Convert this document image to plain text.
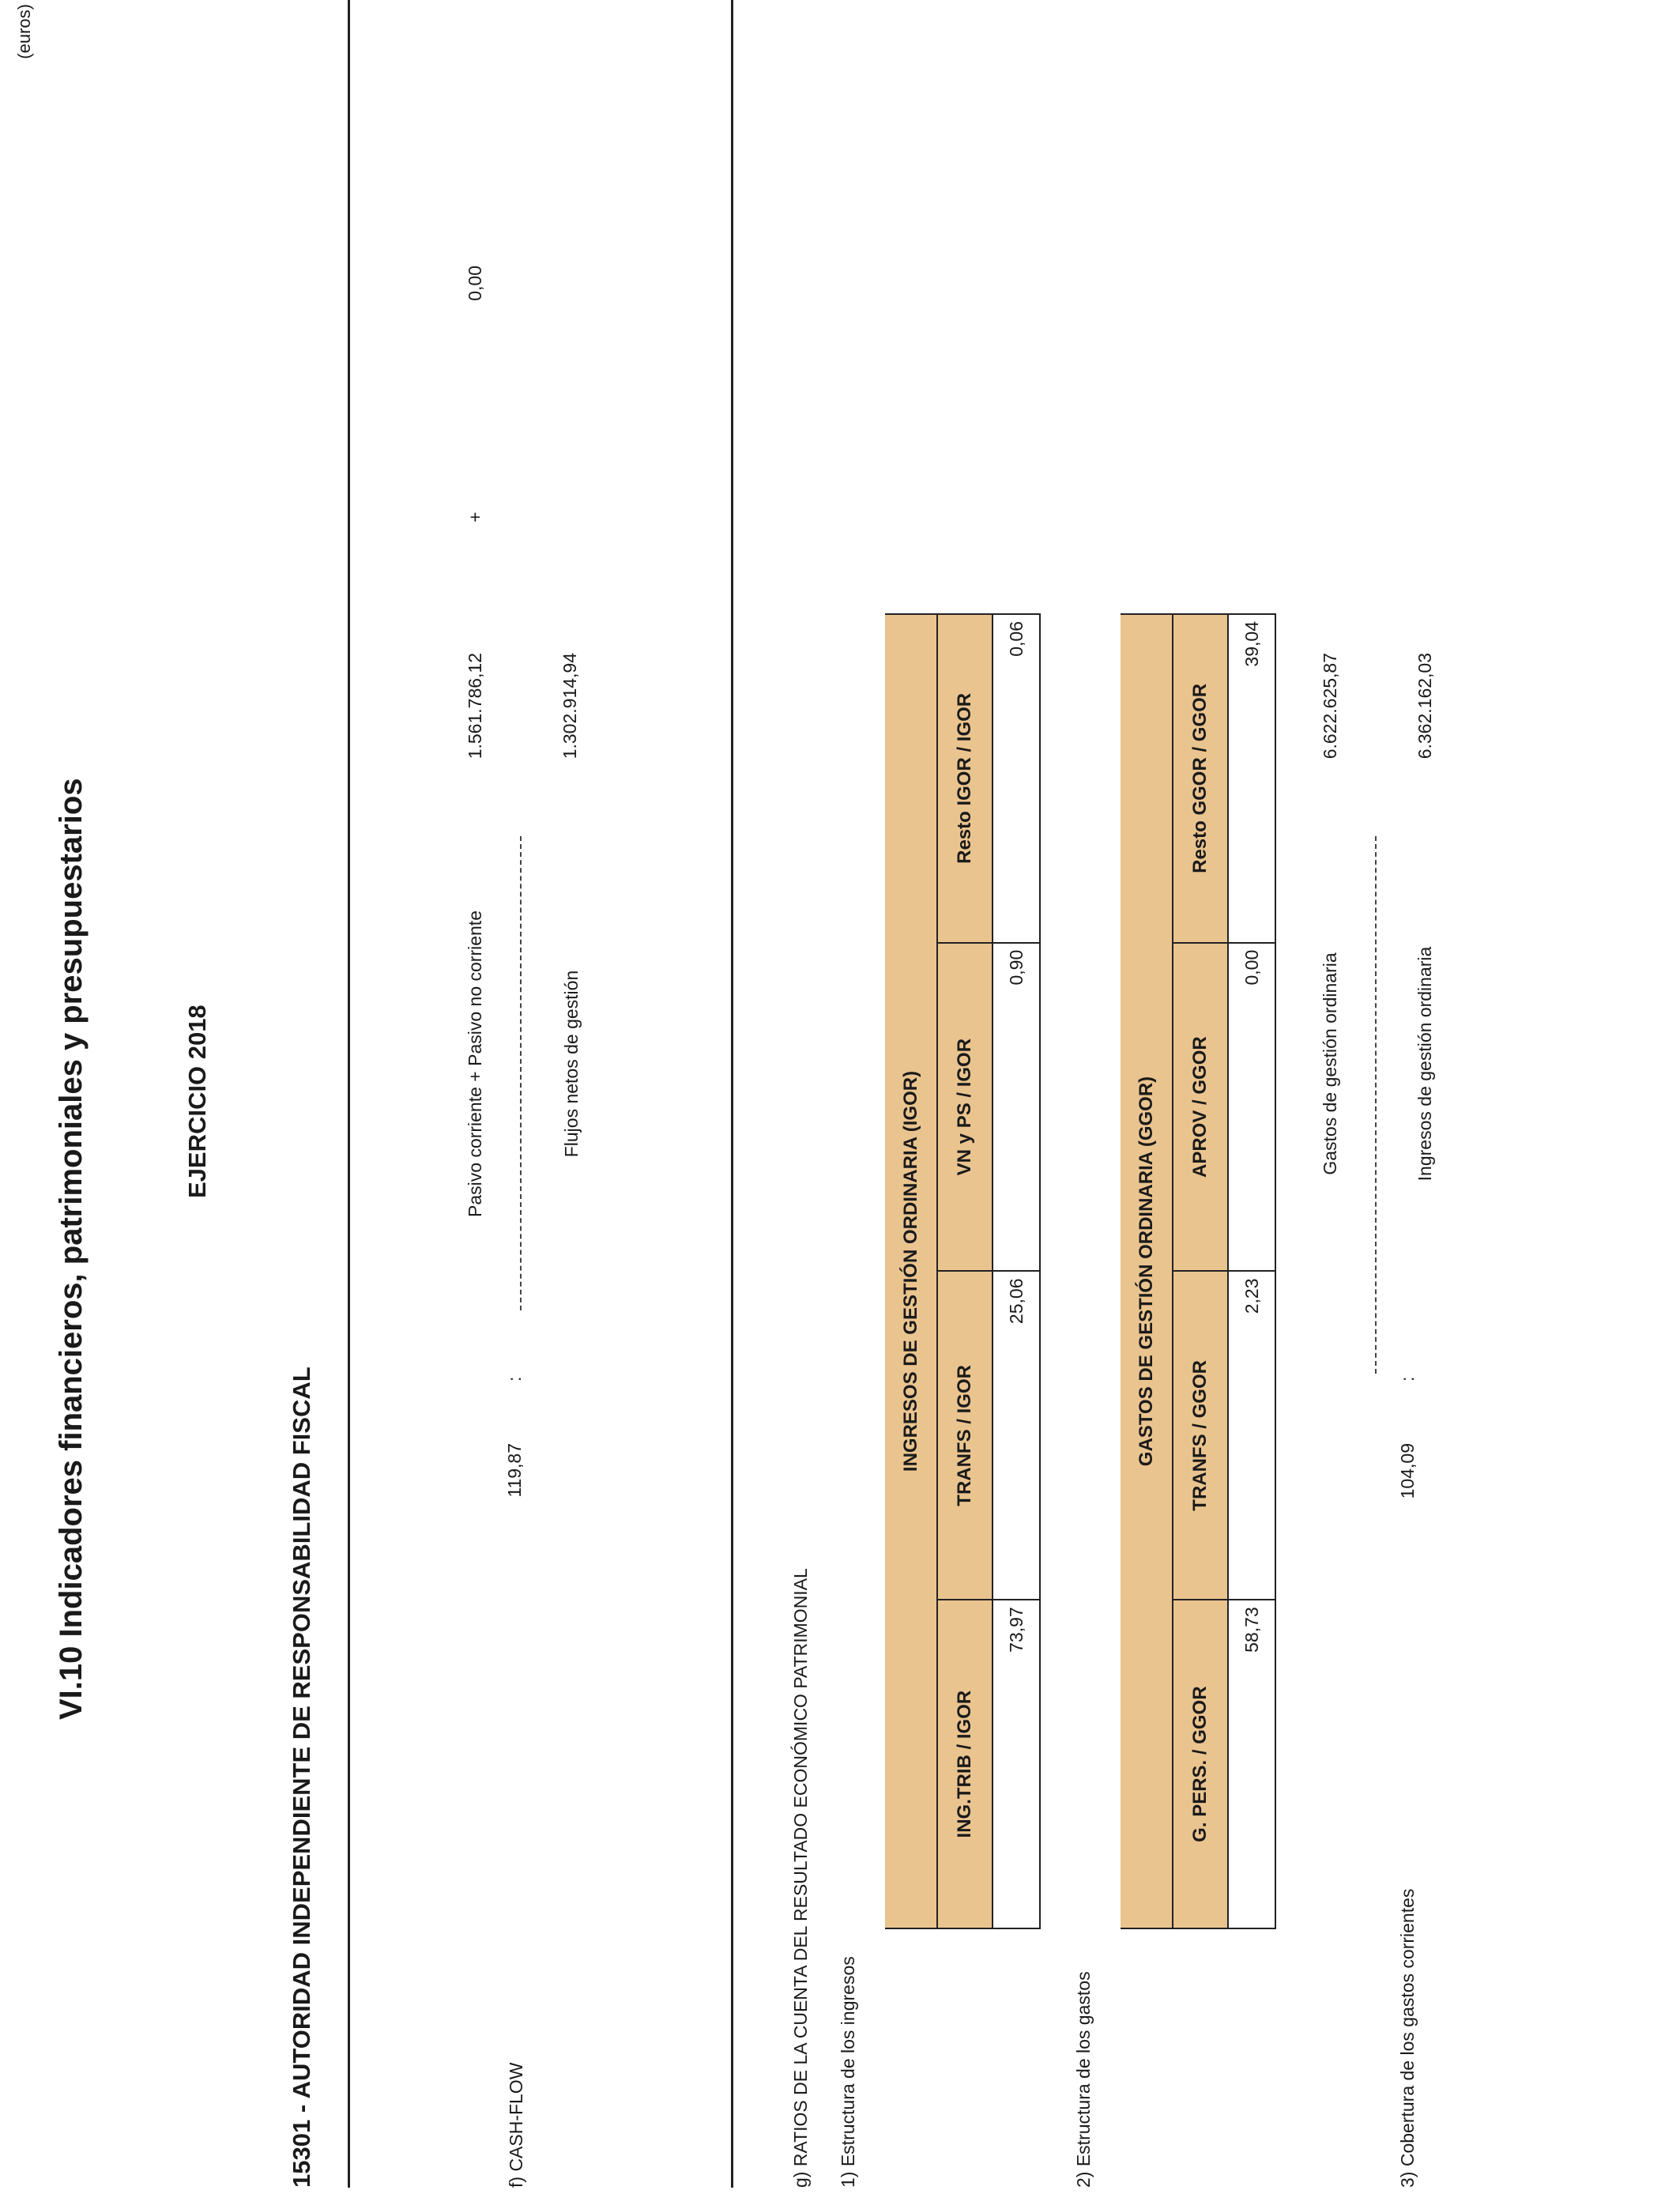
VI.10 Indicadores financieros, patrimoniales y presupuestarios	EJERCICIO 2018
15301 - AUTORIDAD INDEPENDIENTE DE RESPONSABILIDAD FISCAL
(euros)
f) CASH-FLOW
119,87
:
Pasivo corriente + Pasivo no corriente	Flujos netos de gestión
1.561.786,12
+
0,00
1.302.914,94
g) RATIOS DE LA CUENTA DEL RESULTADO ECONÓMICO PATRIMONIAL 1) Estructura de los ingresos
INGRESOS DE GESTIÓN ORDINARIA (IGOR)			
ING.TRIB / IGOR	TRANFS / IGOR	VN y PS / IGOR	Resto IGOR / IGOR
73,97	25,06	0,90	0,06
2) Estructura de los gastos
GASTOS DE GESTIÓN ORDINARIA (GGOR)			
G. PERS. / GGOR	TRANFS / GGOR	APROV / GGOR	Resto GGOR / GGOR
58,73	2,23	0,00	39,04
3) Cobertura de los gastos corrientes
104,09
:
Gastos de gestión ordinaria	Ingresos de gestión ordinaria
6.622.625,87	6.362.162,03
